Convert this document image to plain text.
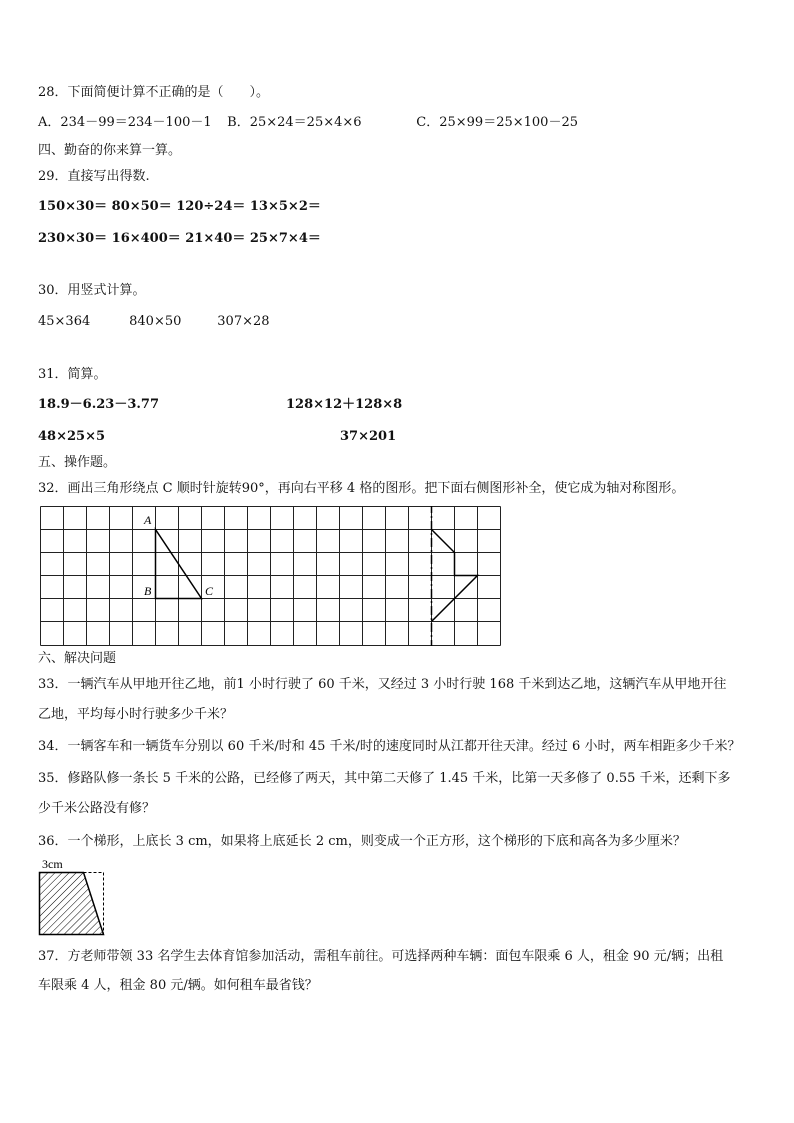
28．下面简便计算不正确的是（　　）。
A．234－99＝234－100－1 B．25×24＝25×4×6	C．25×99＝25×100－25
四、勤奋的你来算一算。
29．直接写出得数.
150×30＝ 80×50＝ 120÷24＝ 13×5×2＝
230×30＝ 16×400＝ 21×40＝ 25×7×4＝
30．用竖式计算。
45×364	840×50	307×28
31．简算。
18.9－6.23－3.77	128×12＋128×8
48×25×5	37×201
五、操作题。
32．画出三角形绕点 C 顺时针旋转90°，再向右平移 4 格的图形。把下面右侧图形补全，使它成为轴对称图形。
A
B	C
六、解决问题
33．一辆汽车从甲地开往乙地，前1 小时行驶了 60 千米，又经过 3 小时行驶 168 千米到达乙地，这辆汽车从甲地开往
乙地，平均每小时行驶多少千米？
34．一辆客车和一辆货车分别以 60 千米/时和 45 千米/时的速度同时从江都开往天津。经过 6 小时，两车相距多少千米？
35．修路队修一条长 5 千米的公路，已经修了两天，其中第二天修了 1.45 千米，比第一天多修了 0.55 千米，还剩下多
少千米公路没有修？
36．一个梯形，上底长 3 cm，如果将上底延长 2 cm，则变成一个正方形，这个梯形的下底和高各为多少厘米？
3cm
37．方老师带领 33 名学生去体育馆参加活动，需租车前往。可选择两种车辆：面包车限乘 6 人，租金 90 元/辆；出租
车限乘 4 人，租金 80 元/辆。如何租车最省钱？
